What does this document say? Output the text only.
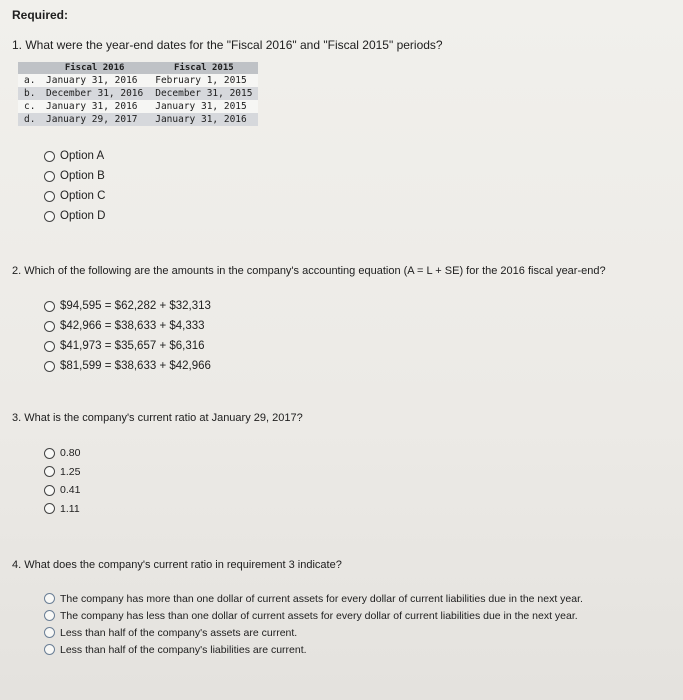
Required:
1. What were the year-end dates for the "Fiscal 2016" and "Fiscal 2015" periods?
	Fiscal 2016	Fiscal 2015
a.	January 31, 2016	February 1, 2015
b.	December 31, 2016	December 31, 2015
c.	January 31, 2016	January 31, 2015
d.	January 29, 2017	January 31, 2016
Option A
Option B
Option C
Option D
2. Which of the following are the amounts in the company's accounting equation (A = L + SE) for the 2016 fiscal year-end?
$94,595 = $62,282 + $32,313
$42,966 = $38,633 + $4,333
$41,973 = $35,657 + $6,316
$81,599 = $38,633 + $42,966
3. What is the company's current ratio at January 29, 2017?
0.80
1.25
0.41
1.11
4. What does the company's current ratio in requirement 3 indicate?
The company has more than one dollar of current assets for every dollar of current liabilities due in the next year.
The company has less than one dollar of current assets for every dollar of current liabilities due in the next year.
Less than half of the company's assets are current.
Less than half of the company's liabilities are current.
